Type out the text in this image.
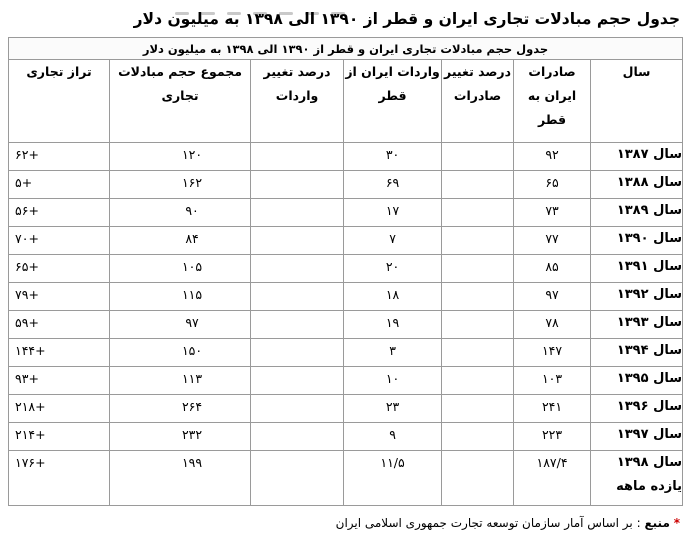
جدول حجم مبادلات تجاری ایران و قطر از ۱۳۹۰ الی ۱۳۹۸ به میلیون دلار
جدول حجم مبادلات تجاری ایران و قطر از ۱۳۹۰ الی ۱۳۹۸ به میلیون دلار						
سال	صادرات ایران به قطر	درصد تغییر صادرات	واردات ایران از قطر	درصد تغییر واردات	مجموع حجم مبادلات تجاری	تراز تجاری

سال ۱۳۸۷	۹۲		۳۰		۱۲۰	+۶۲

سال ۱۳۸۸	۶۵		۶۹		۱۶۲	+۵

سال ۱۳۸۹	۷۳		۱۷		۹۰	+۵۶

سال ۱۳۹۰	۷۷		۷		۸۴	+۷۰

سال ۱۳۹۱	۸۵		۲۰		۱۰۵	+۶۵

سال ۱۳۹۲	۹۷		۱۸		۱۱۵	+۷۹

سال ۱۳۹۳	۷۸		۱۹		۹۷	+۵۹

سال ۱۳۹۴	۱۴۷		۳		۱۵۰	+۱۴۴

سال ۱۳۹۵	۱۰۳		۱۰		۱۱۳	+۹۳

سال ۱۳۹۶	۲۴۱		۲۳		۲۶۴	+۲۱۸

سال ۱۳۹۷	۲۲۳		۹		۲۳۲	+۲۱۴

سال ۱۳۹۸
یازده ماهه	۱۸۷/۴		۱۱/۵		۱۹۹	+۱۷۶
* منبع : بر اساس آمار سازمان توسعه تجارت جمهوری اسلامی ایران
